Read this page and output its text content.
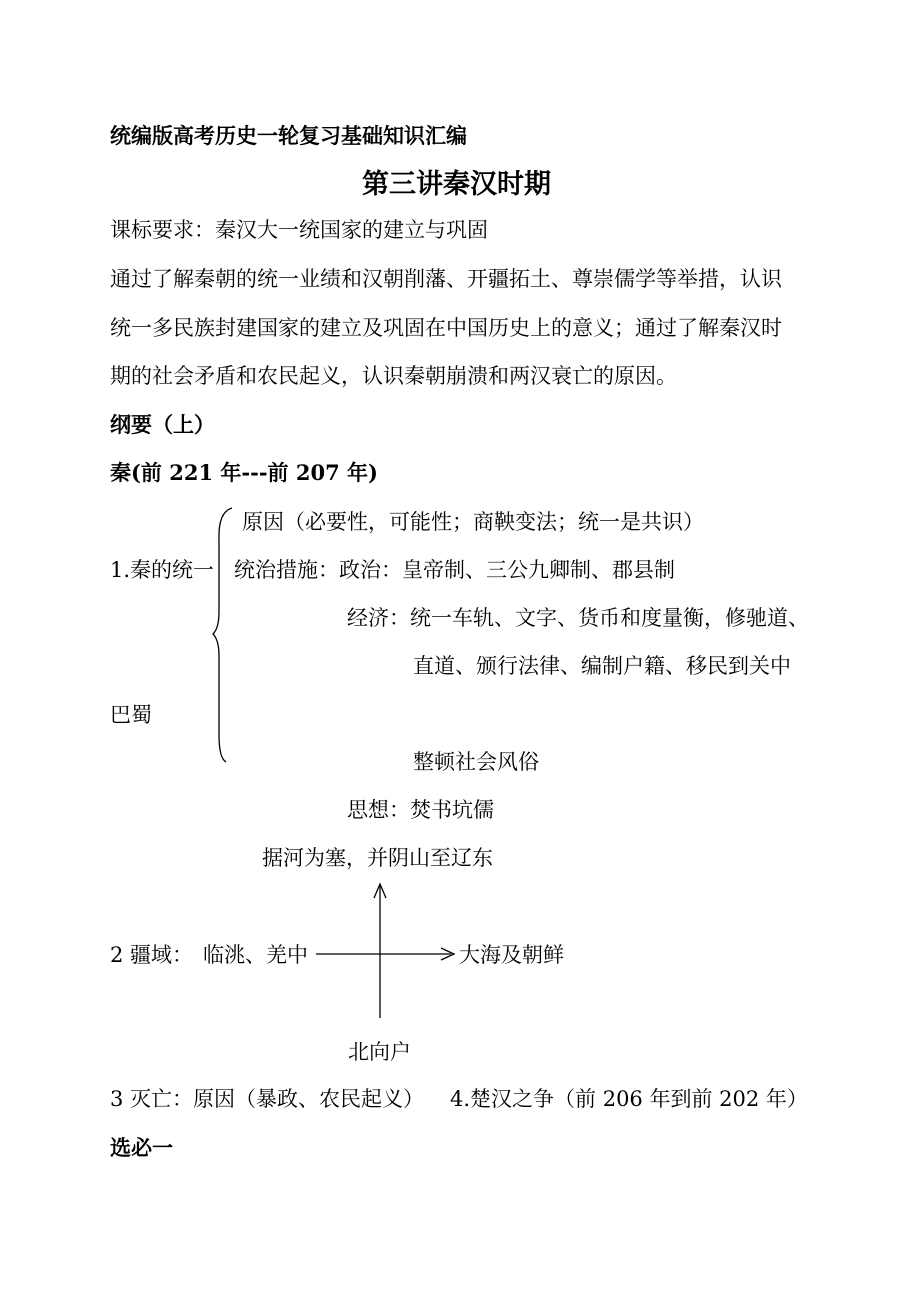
统编版高考历史一轮复习基础知识汇编
第三讲秦汉时期
课标要求：秦汉大一统国家的建立与巩固
通过了解秦朝的统一业绩和汉朝削藩、开疆拓土、尊崇儒学等举措，认识
统一多民族封建国家的建立及巩固在中国历史上的意义；通过了解秦汉时
期的社会矛盾和农民起义，认识秦朝崩溃和两汉衰亡的原因。
纲要（上）
秦(前 221 年---前 207 年)
原因（必要性，可能性；商鞅变法；统一是共识）
1.秦的统一 统治措施：政治：皇帝制、三公九卿制、郡县制
经济：统一车轨、文字、货币和度量衡，修驰道、
直道、颁行法律、编制户籍、移民到关中
巴蜀
整顿社会风俗
思想：焚书坑儒
据河为塞，并阴山至辽东
2 疆域： 临洮、羌中	大海及朝鲜
北向户
3 灭亡：原因（暴政、农民起义） 4.楚汉之争（前 206 年到前 202 年）
选必一
